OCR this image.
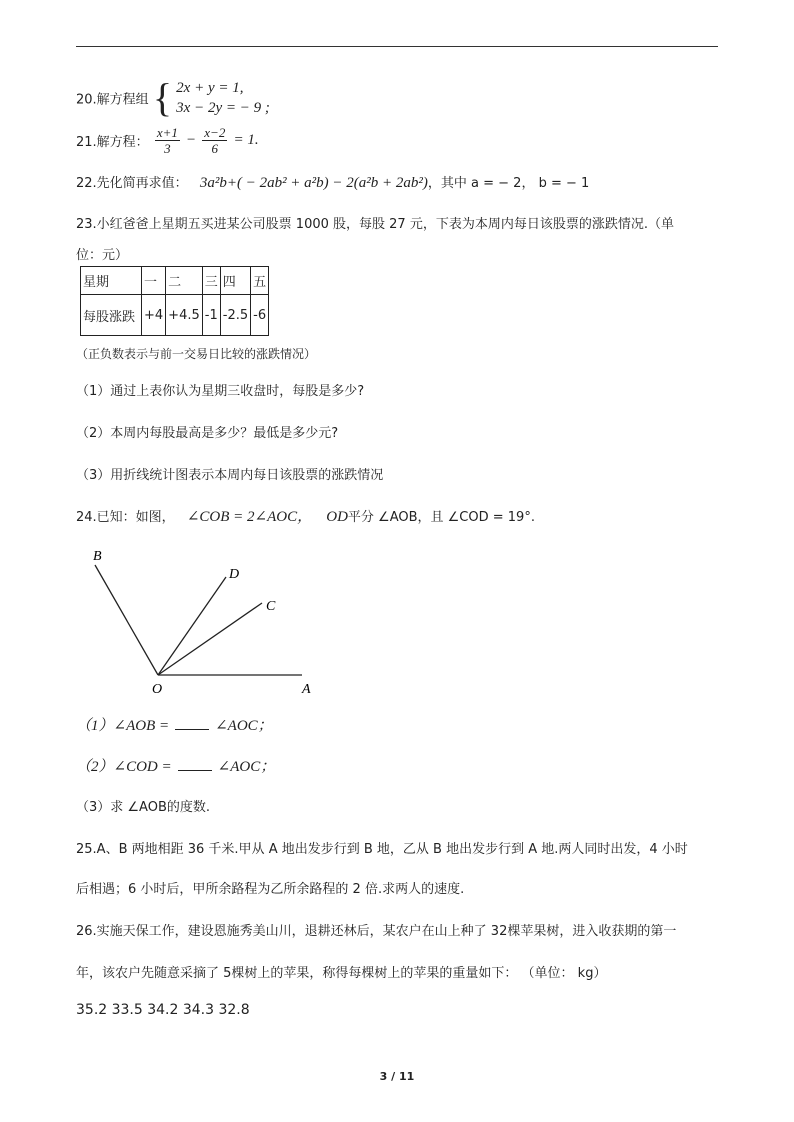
20.解方程组 { 2x + y = 1,
3x − 2y = − 9 ;
21.解方程： $\frac{x+1}{3} - \frac{x-2}{6} = 1$.
22.先化简再求值： 3a²b+( − 2ab² + a²b) − 2(a²b + 2ab²)，其中 a = − 2， b = − 1
23.小红爸爸上星期五买进某公司股票 1000 股，每股 27 元，下表为本周内每日该股票的涨跌情况.（单
位：元）
星期	一	二	三	四	五
每股涨跌	+4	+4.5	-1	-2.5	-6
（正负数表示与前一交易日比较的涨跌情况）
（1）通过上表你认为星期三收盘时，每股是多少?
（2）本周内每股最高是多少？最低是多少元?
（3）用折线统计图表示本周内每日该股票的涨跌情况
24.已知：如图， ∠COB = 2∠AOC， OD平分 ∠AOB，且 ∠COD = 19°.
B
D
C
O	A
（1）∠AOB =	∠AOC；
（2）∠COD =	∠AOC；
（3）求 ∠AOB的度数.
25.A、B 两地相距 36 千米.甲从 A 地出发步行到 B 地，乙从 B 地出发步行到 A 地.两人同时出发，4 小时
后相遇；6 小时后，甲所余路程为乙所余路程的 2 倍.求两人的速度.
26.实施天保工作，建设恩施秀美山川，退耕还林后，某农户在山上种了 32棵苹果树，进入收获期的第一
年，该农户先随意采摘了 5棵树上的苹果，称得每棵树上的苹果的重量如下： （单位： kg）
35.2 33.5 34.2 34.3 32.8
3 / 11
